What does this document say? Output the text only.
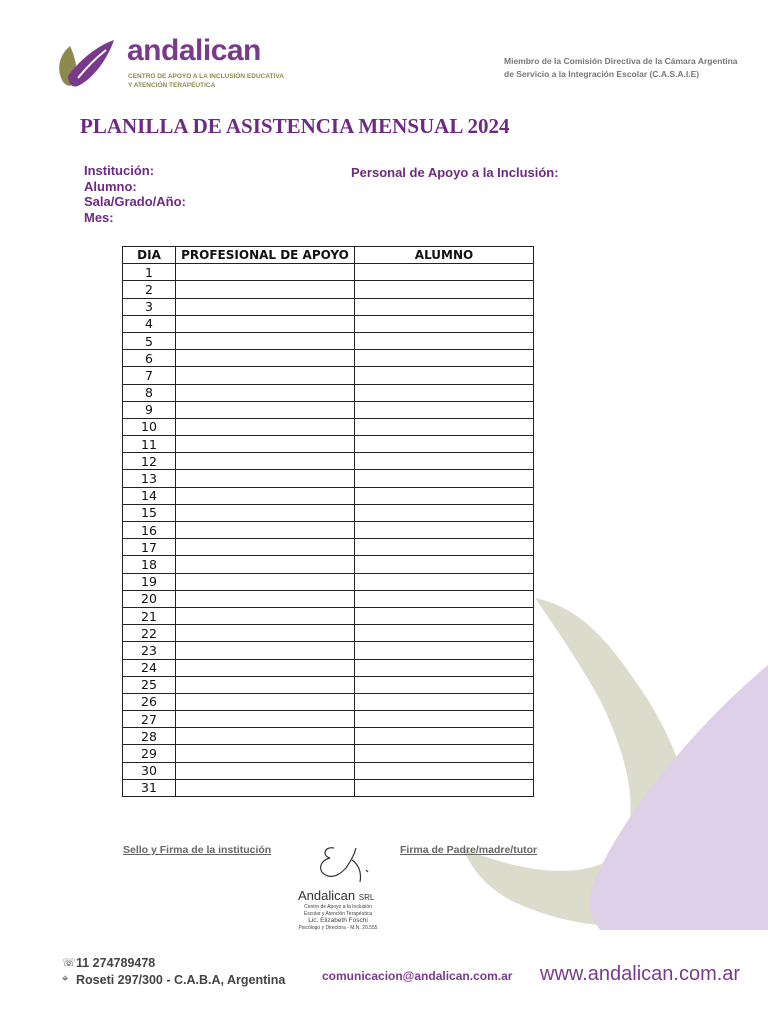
andalican
CENTRO DE APOYO A LA INCLUSIÓN EDUCATIVA
Y ATENCIÓN TERAPÉUTICA
Miembro de la Comisión Directiva de la Cámara Argentina
de Servicio a la Integración Escolar (C.A.S.A.I.E)
PLANILLA DE ASISTENCIA MENSUAL 2024
Institución:
Alumno:
Sala/Grado/Año:
Mes:
Personal de Apoyo a la Inclusión:
DIA	PROFESIONAL DE APOYO	ALUMNO
1		
2		
3		
4		
5		
6		
7		
8		
9		
10		
11		
12		
13		
14		
15		
16		
17		
18		
19		
20		
21		
22		
23		
24		
25		
26		
27		
28		
29		
30		
31		
Sello y Firma de la institución	Firma de Padre/madre/tutor
Andalican SRL
Centro de Apoyo a la Inclusión
Escolar y Atención Terapéutica
Lic. Elizabeth Foschi
Psicólogo y Directora - M.N. 20.555
☏ 11 274789478
⌖ Roseti 297/300 - C.A.B.A, Argentina	comunicacion@andalican.com.ar www.andalican.com.ar
